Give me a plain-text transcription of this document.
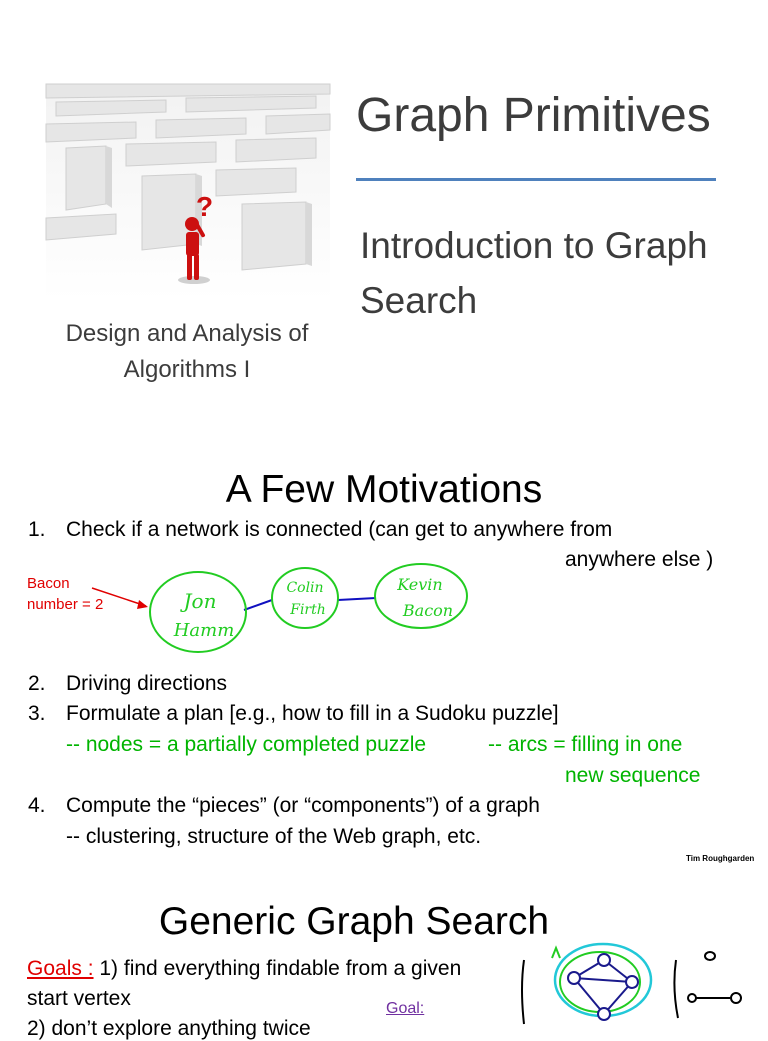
?
Graph Primitives
Introduction to Graph Search
Design and Analysis of Algorithms I
A Few Motivations
1. Check if a network is connected (can get to anywhere from
anywhere else )
Bacon
number = 2	Jon
Hamm
Colin
Firth
Kevin
Bacon
2. Driving directions
3. Formulate a plan [e.g., how to fill in a Sudoku puzzle]
-- nodes = a partially completed puzzle	-- arcs = filling in one
new sequence
4. Compute the “pieces” (or “components”) of a graph
-- clustering, structure of the Web graph, etc.
Tim Roughgarden
Generic Graph Search
Goals : 1) find everything findable from a given
start vertex
2) don’t explore anything twice
Goal:
